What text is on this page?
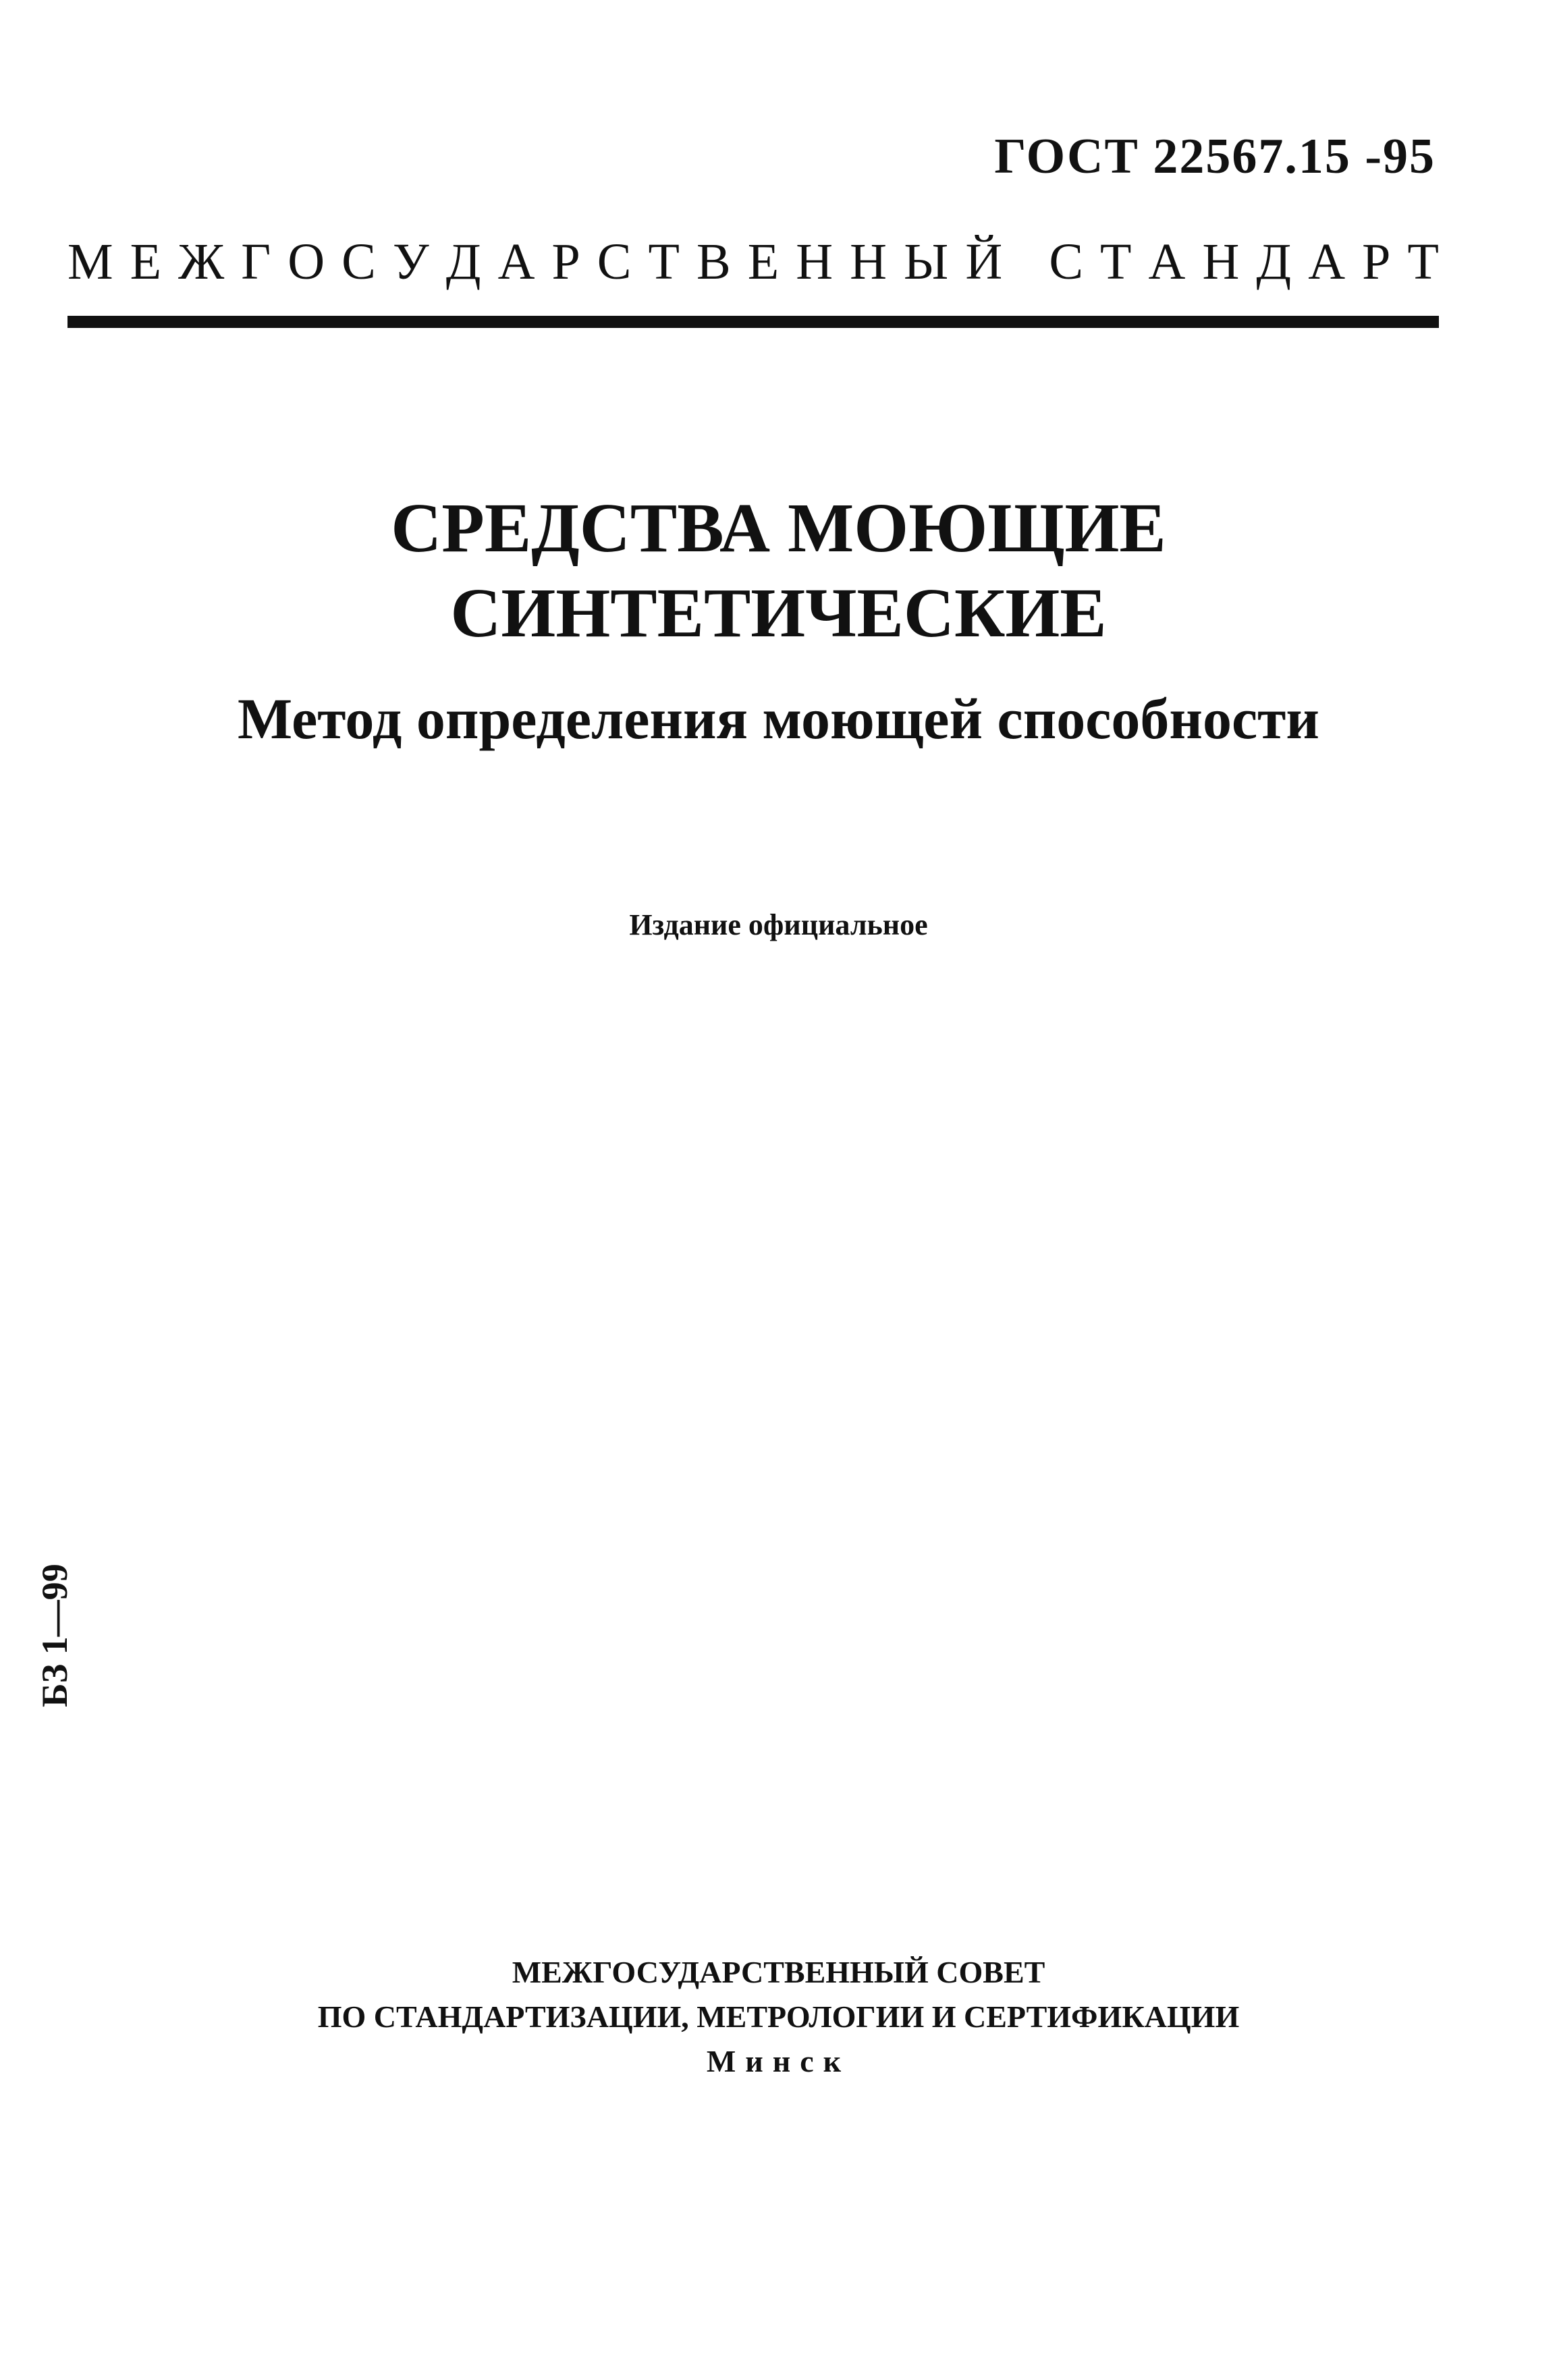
ГОСТ 22567.15 -95
М Е Ж Г О С У Д А Р С Т В Е Н Н Ы Й
С Т А Н Д А Р Т
СРЕДСТВА МОЮЩИЕ
СИНТЕТИЧЕСКИЕ
Метод определения моющей способности
Издание официальное
БЗ 1—99
МЕЖГОСУДАРСТВЕННЫЙ СОВЕТ
ПО СТАНДАРТИЗАЦИИ, МЕТРОЛОГИИ И СЕРТИФИКАЦИИ
Минск
